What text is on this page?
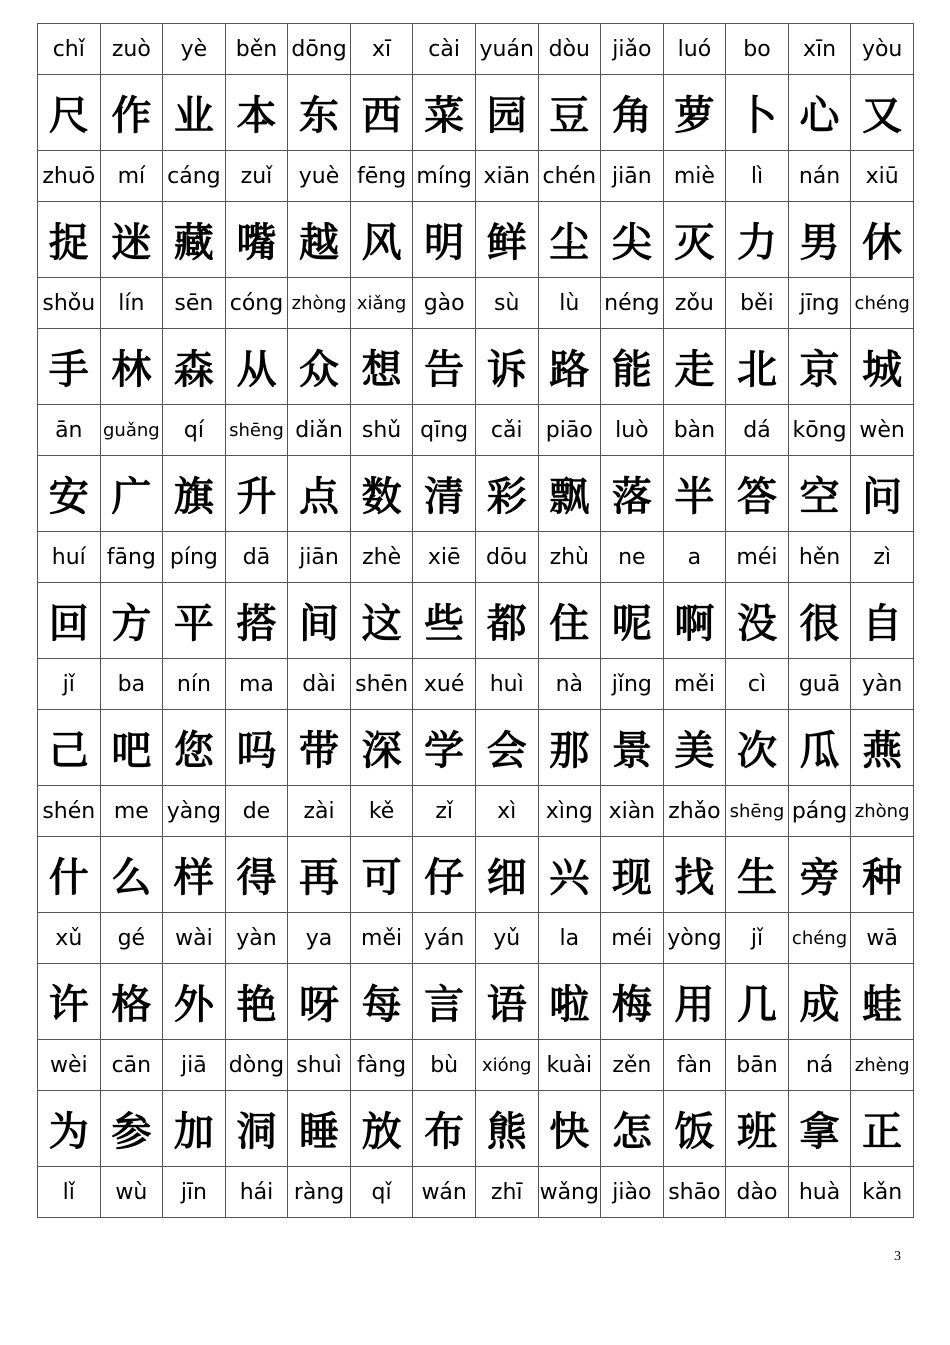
chǐ	zuò	yè	běn	dōng	xī	cài	yuán	dòu	jiǎo	luó	bo	xīn	yòu
尺	作	业	本	东	西	菜	园	豆	角	萝	卜	心	又
zhuō	mí	cáng	zuǐ	yuè	fēng	míng	xiān	chén	jiān	miè	lì	nán	xiū
捉	迷	藏	嘴	越	风	明	鲜	尘	尖	灭	力	男	休
shǒu	lín	sēn	cóng	zhòng	xiǎng	gào	sù	lù	néng	zǒu	běi	jīng	chéng
手	林	森	从	众	想	告	诉	路	能	走	北	京	城
ān	guǎng	qí	shēng	diǎn	shǔ	qīng	cǎi	piāo	luò	bàn	dá	kōng	wèn
安	广	旗	升	点	数	清	彩	飘	落	半	答	空	问
huí	fāng	píng	dā	jiān	zhè	xiē	dōu	zhù	ne	a	méi	hěn	zì
回	方	平	搭	间	这	些	都	住	呢	啊	没	很	自
jǐ	ba	nín	ma	dài	shēn	xué	huì	nà	jǐng	měi	cì	guā	yàn
己	吧	您	吗	带	深	学	会	那	景	美	次	瓜	燕
shén	me	yàng	de	zài	kě	zǐ	xì	xìng	xiàn	zhǎo	shēng	páng	zhòng
什	么	样	得	再	可	仔	细	兴	现	找	生	旁	种
xǔ	gé	wài	yàn	ya	měi	yán	yǔ	la	méi	yòng	jǐ	chéng	wā
许	格	外	艳	呀	每	言	语	啦	梅	用	几	成	蛙
wèi	cān	jiā	dòng	shuì	fàng	bù	xióng	kuài	zěn	fàn	bān	ná	zhèng
为	参	加	洞	睡	放	布	熊	快	怎	饭	班	拿	正
lǐ	wù	jīn	hái	ràng	qǐ	wán	zhī	wǎng	jiào	shāo	dào	huà	kǎn
3
